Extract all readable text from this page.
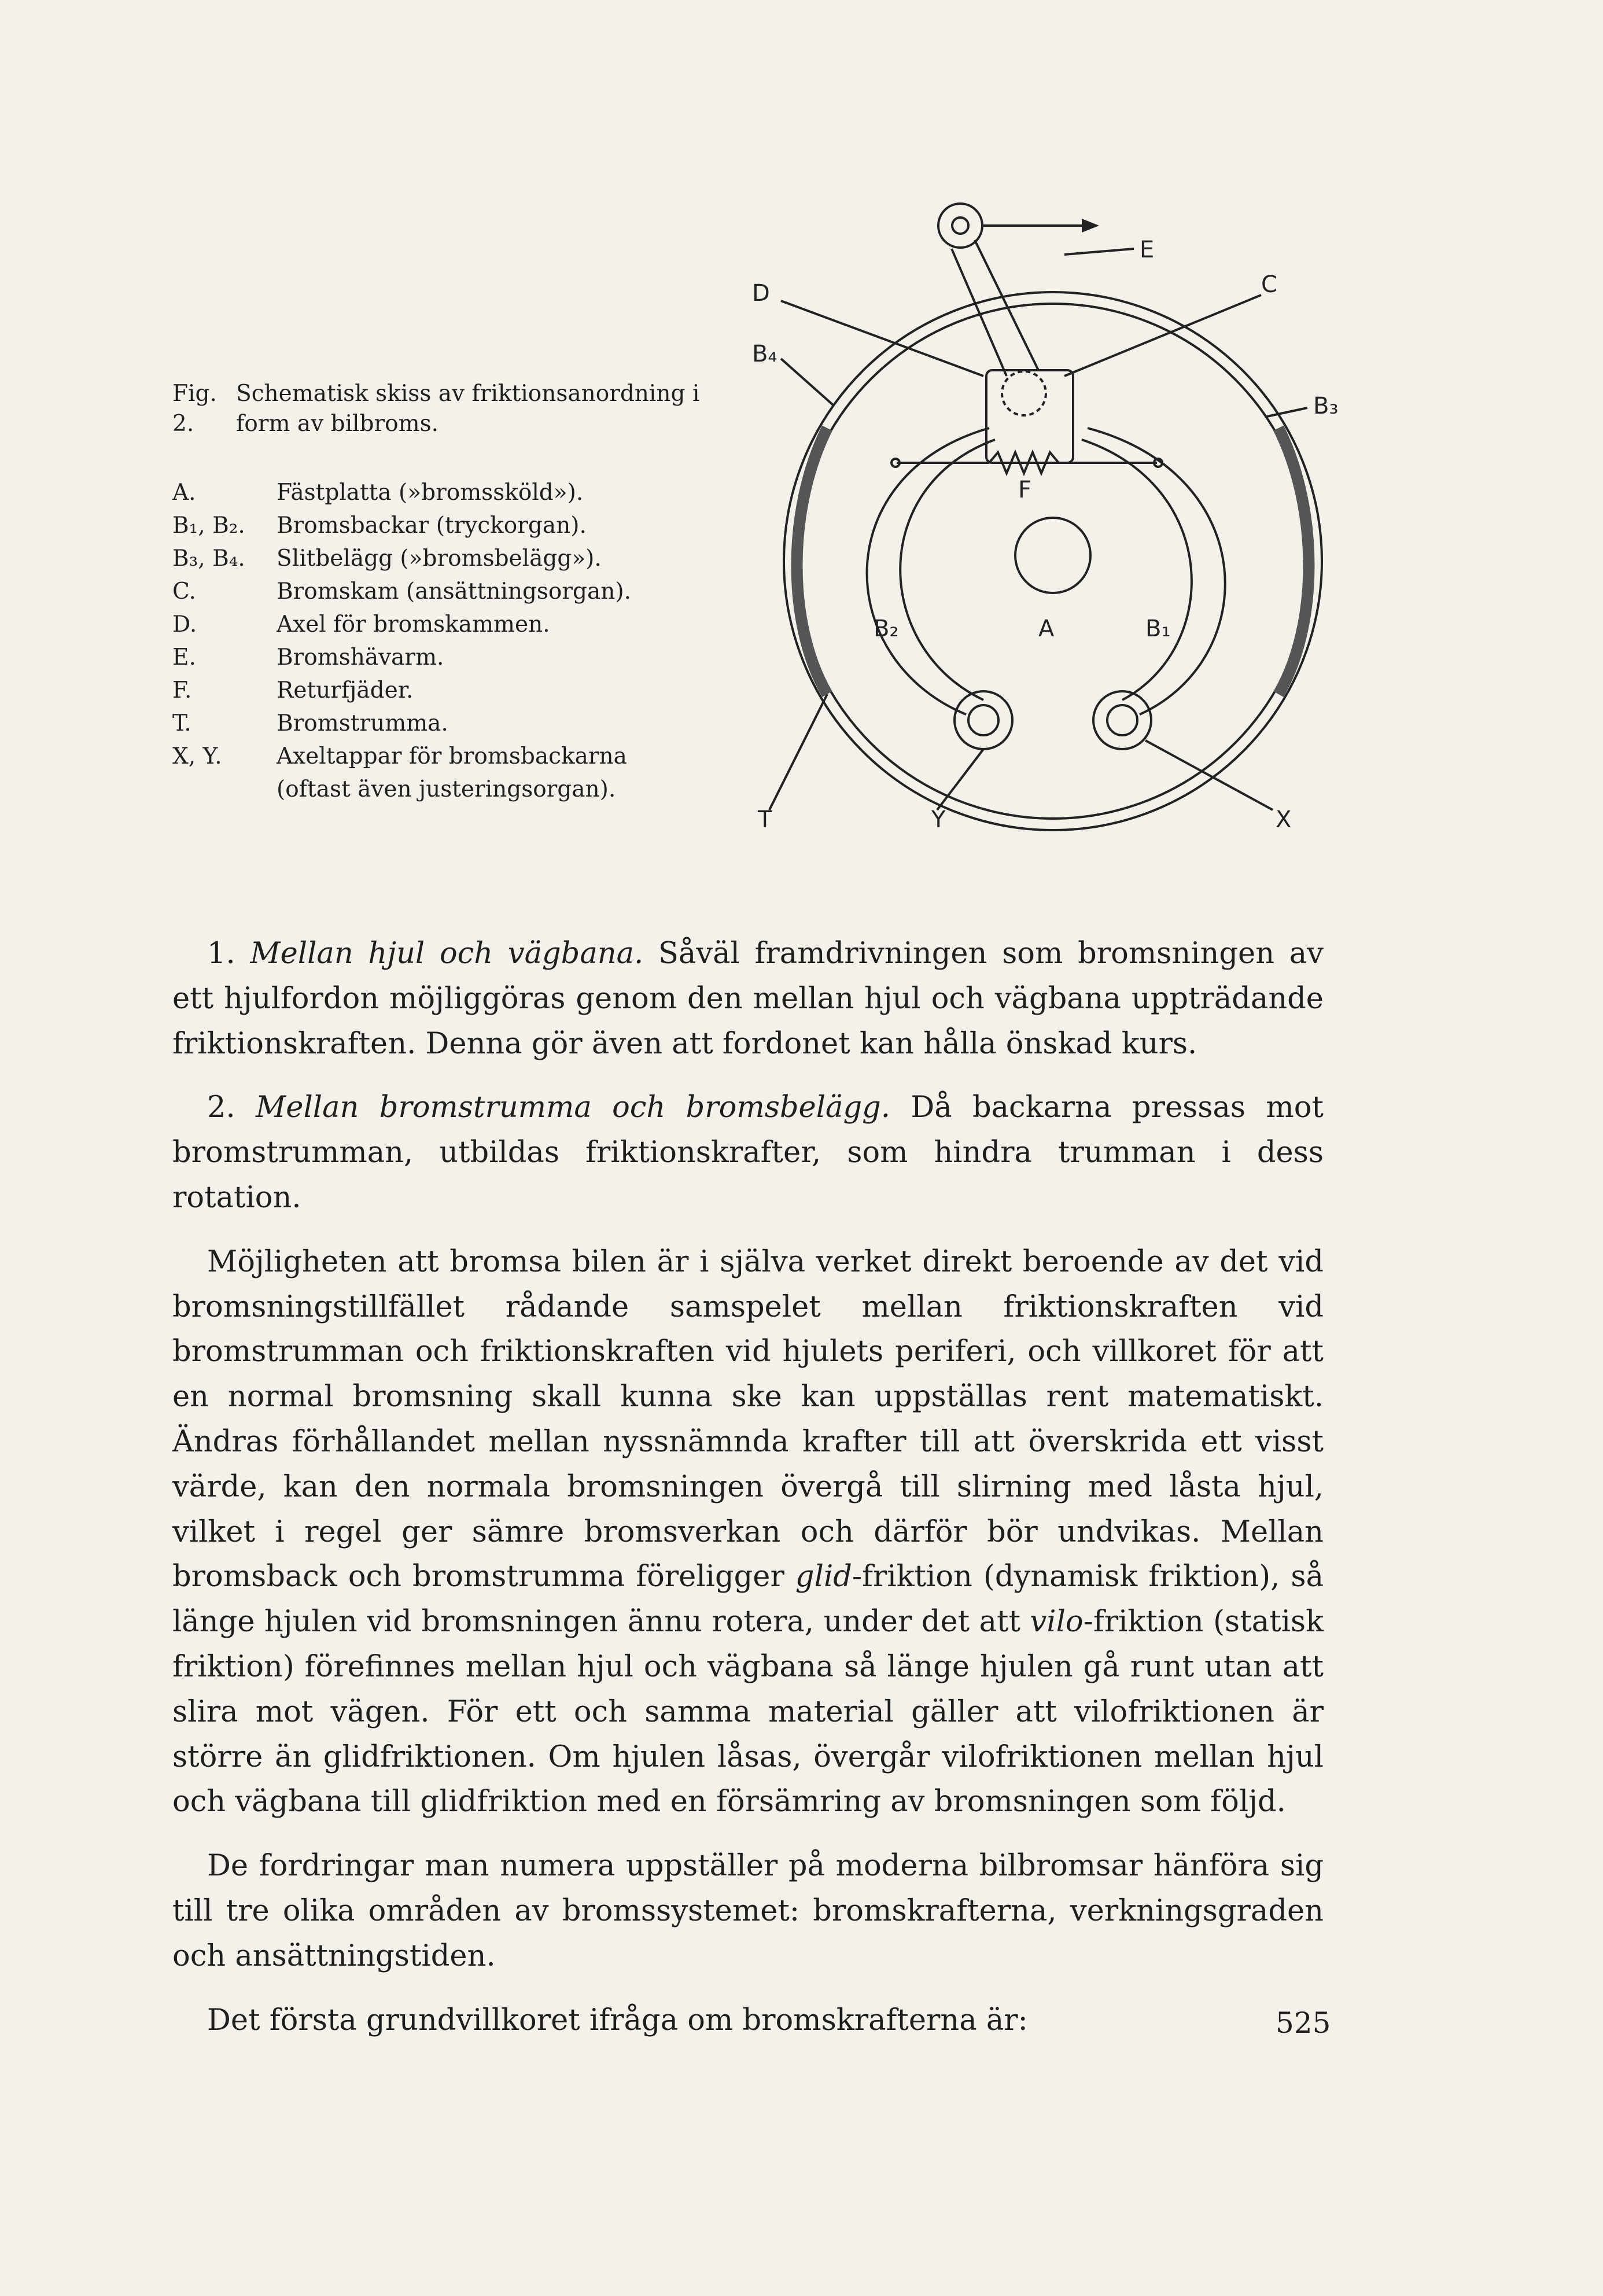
Fig. 2.
Schematisk skiss av friktionsanordning i form av bilbroms.
A.	Fästplatta (»bromssköld»).
B₁, B₂.	Bromsbackar (tryckorgan).
B₃, B₄.	Slitbelägg (»bromsbelägg»).
C.	Bromskam (ansättningsorgan).
D.	Axel för bromskammen.
E.	Bromshävarm.
F.	Returfjäder.
T.	Bromstrumma.
X, Y.	Axeltappar för bromsbackarna
(oftast även justeringsorgan).
E
D	C
B₄
B₃
F
B₂	A	B₁
T	Y	X

1. Mellan hjul och vägbana. Såväl framdrivningen som bromsningen av ett hjulfordon möjliggöras genom den mellan hjul och vägbana uppträdande friktionskraften. Denna gör även att fordonet kan hålla önskad kurs.

2. Mellan bromstrumma och bromsbelägg. Då backarna pressas mot bromstrumman, utbildas friktionskrafter, som hindra trumman i dess rotation.

Möjligheten att bromsa bilen är i själva verket direkt beroende av det vid bromsningstillfället rådande samspelet mellan friktionskraften vid bromstrumman och friktionskraften vid hjulets periferi, och villkoret för att en normal bromsning skall kunna ske kan uppställas rent matematiskt. Ändras förhållandet mellan nyssnämnda krafter till att överskrida ett visst värde, kan den normala bromsningen övergå till slirning med låsta hjul, vilket i regel ger sämre bromsverkan och därför bör undvikas. Mellan bromsback och bromstrumma föreligger glid-friktion (dynamisk friktion), så länge hjulen vid bromsningen ännu rotera, under det att vilo-friktion (statisk friktion) förefinnes mellan hjul och vägbana så länge hjulen gå runt utan att slira mot vägen. För ett och samma material gäller att vilofriktionen är större än glidfriktionen. Om hjulen låsas, övergår vilofriktionen mellan hjul och vägbana till glidfriktion med en försämring av bromsningen som följd.

De fordringar man numera uppställer på moderna bilbromsar hänföra sig till tre olika områden av bromssystemet: bromskrafterna, verkningsgraden och ansättningstiden.

Det första grundvillkoret ifråga om bromskrafterna är:	525
